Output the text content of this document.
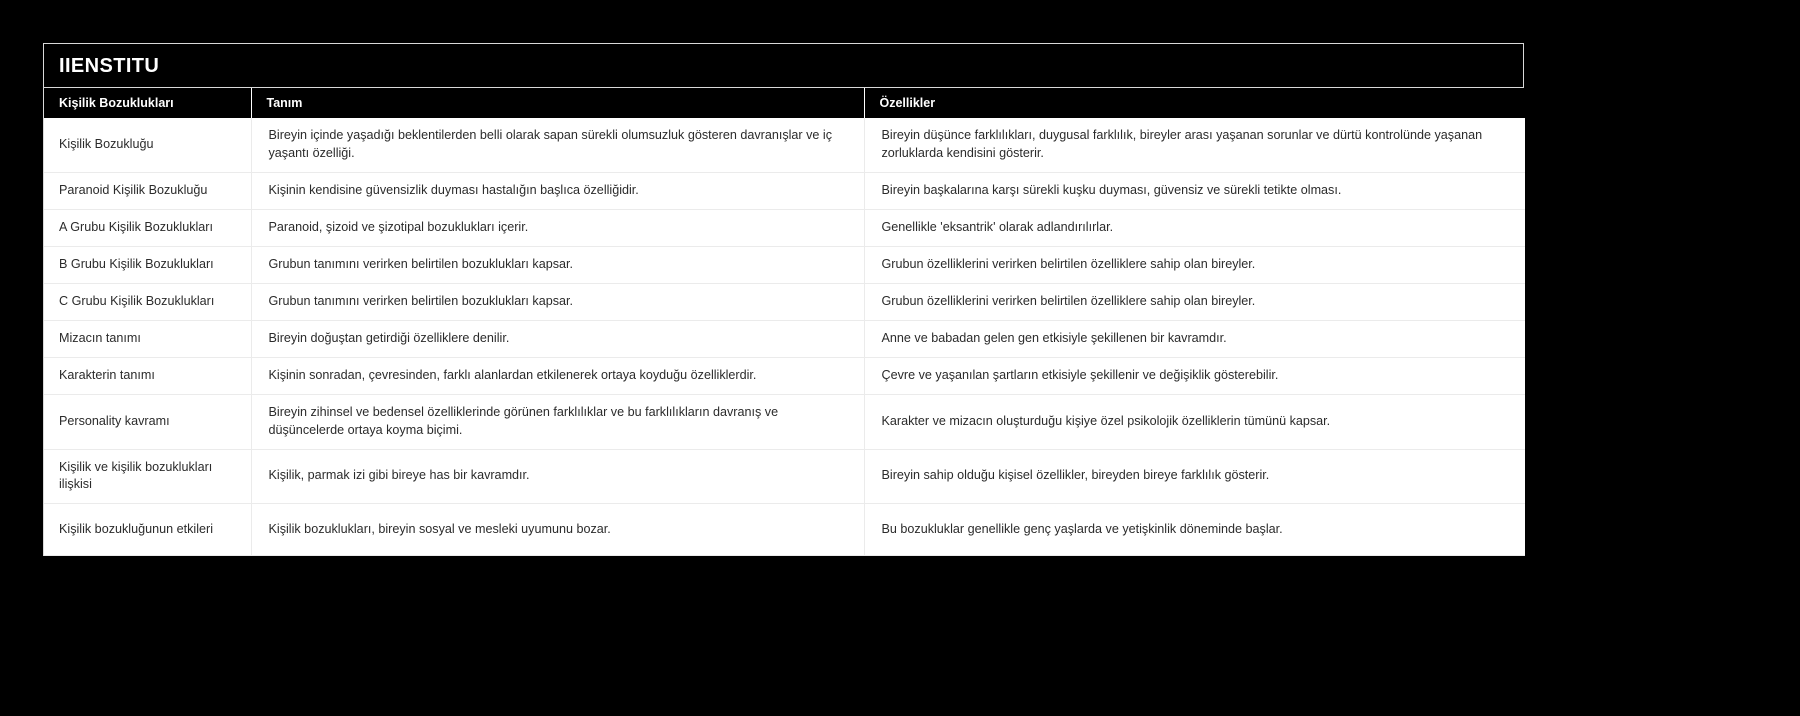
IIENSTITU
Kişilik Bozuklukları	Tanım	Özellikler
Kişilik Bozukluğu	Bireyin içinde yaşadığı beklentilerden belli olarak sapan sürekli olumsuzluk gösteren davranışlar ve iç yaşantı özelliği.	Bireyin düşünce farklılıkları, duygusal farklılık, bireyler arası yaşanan sorunlar ve dürtü kontrolünde yaşanan zorluklarda kendisini gösterir.
Paranoid Kişilik Bozukluğu	Kişinin kendisine güvensizlik duyması hastalığın başlıca özelliğidir.	Bireyin başkalarına karşı sürekli kuşku duyması, güvensiz ve sürekli tetikte olması.
A Grubu Kişilik Bozuklukları	Paranoid, şizoid ve şizotipal bozuklukları içerir.	Genellikle 'eksantrik' olarak adlandırılırlar.
B Grubu Kişilik Bozuklukları	Grubun tanımını verirken belirtilen bozuklukları kapsar.	Grubun özelliklerini verirken belirtilen özelliklere sahip olan bireyler.
C Grubu Kişilik Bozuklukları	Grubun tanımını verirken belirtilen bozuklukları kapsar.	Grubun özelliklerini verirken belirtilen özelliklere sahip olan bireyler.
Mizacın tanımı	Bireyin doğuştan getirdiği özelliklere denilir.	Anne ve babadan gelen gen etkisiyle şekillenen bir kavramdır.
Karakterin tanımı	Kişinin sonradan, çevresinden, farklı alanlardan etkilenerek ortaya koyduğu özelliklerdir.	Çevre ve yaşanılan şartların etkisiyle şekillenir ve değişiklik gösterebilir.
Personality kavramı	Bireyin zihinsel ve bedensel özelliklerinde görünen farklılıklar ve bu farklılıkların davranış ve düşüncelerde ortaya koyma biçimi.	Karakter ve mizacın oluşturduğu kişiye özel psikolojik özelliklerin tümünü kapsar.
Kişilik ve kişilik bozuklukları ilişkisi	Kişilik, parmak izi gibi bireye has bir kavramdır.	Bireyin sahip olduğu kişisel özellikler, bireyden bireye farklılık gösterir.
Kişilik bozukluğunun etkileri	Kişilik bozuklukları, bireyin sosyal ve mesleki uyumunu bozar.	Bu bozukluklar genellikle genç yaşlarda ve yetişkinlik döneminde başlar.
